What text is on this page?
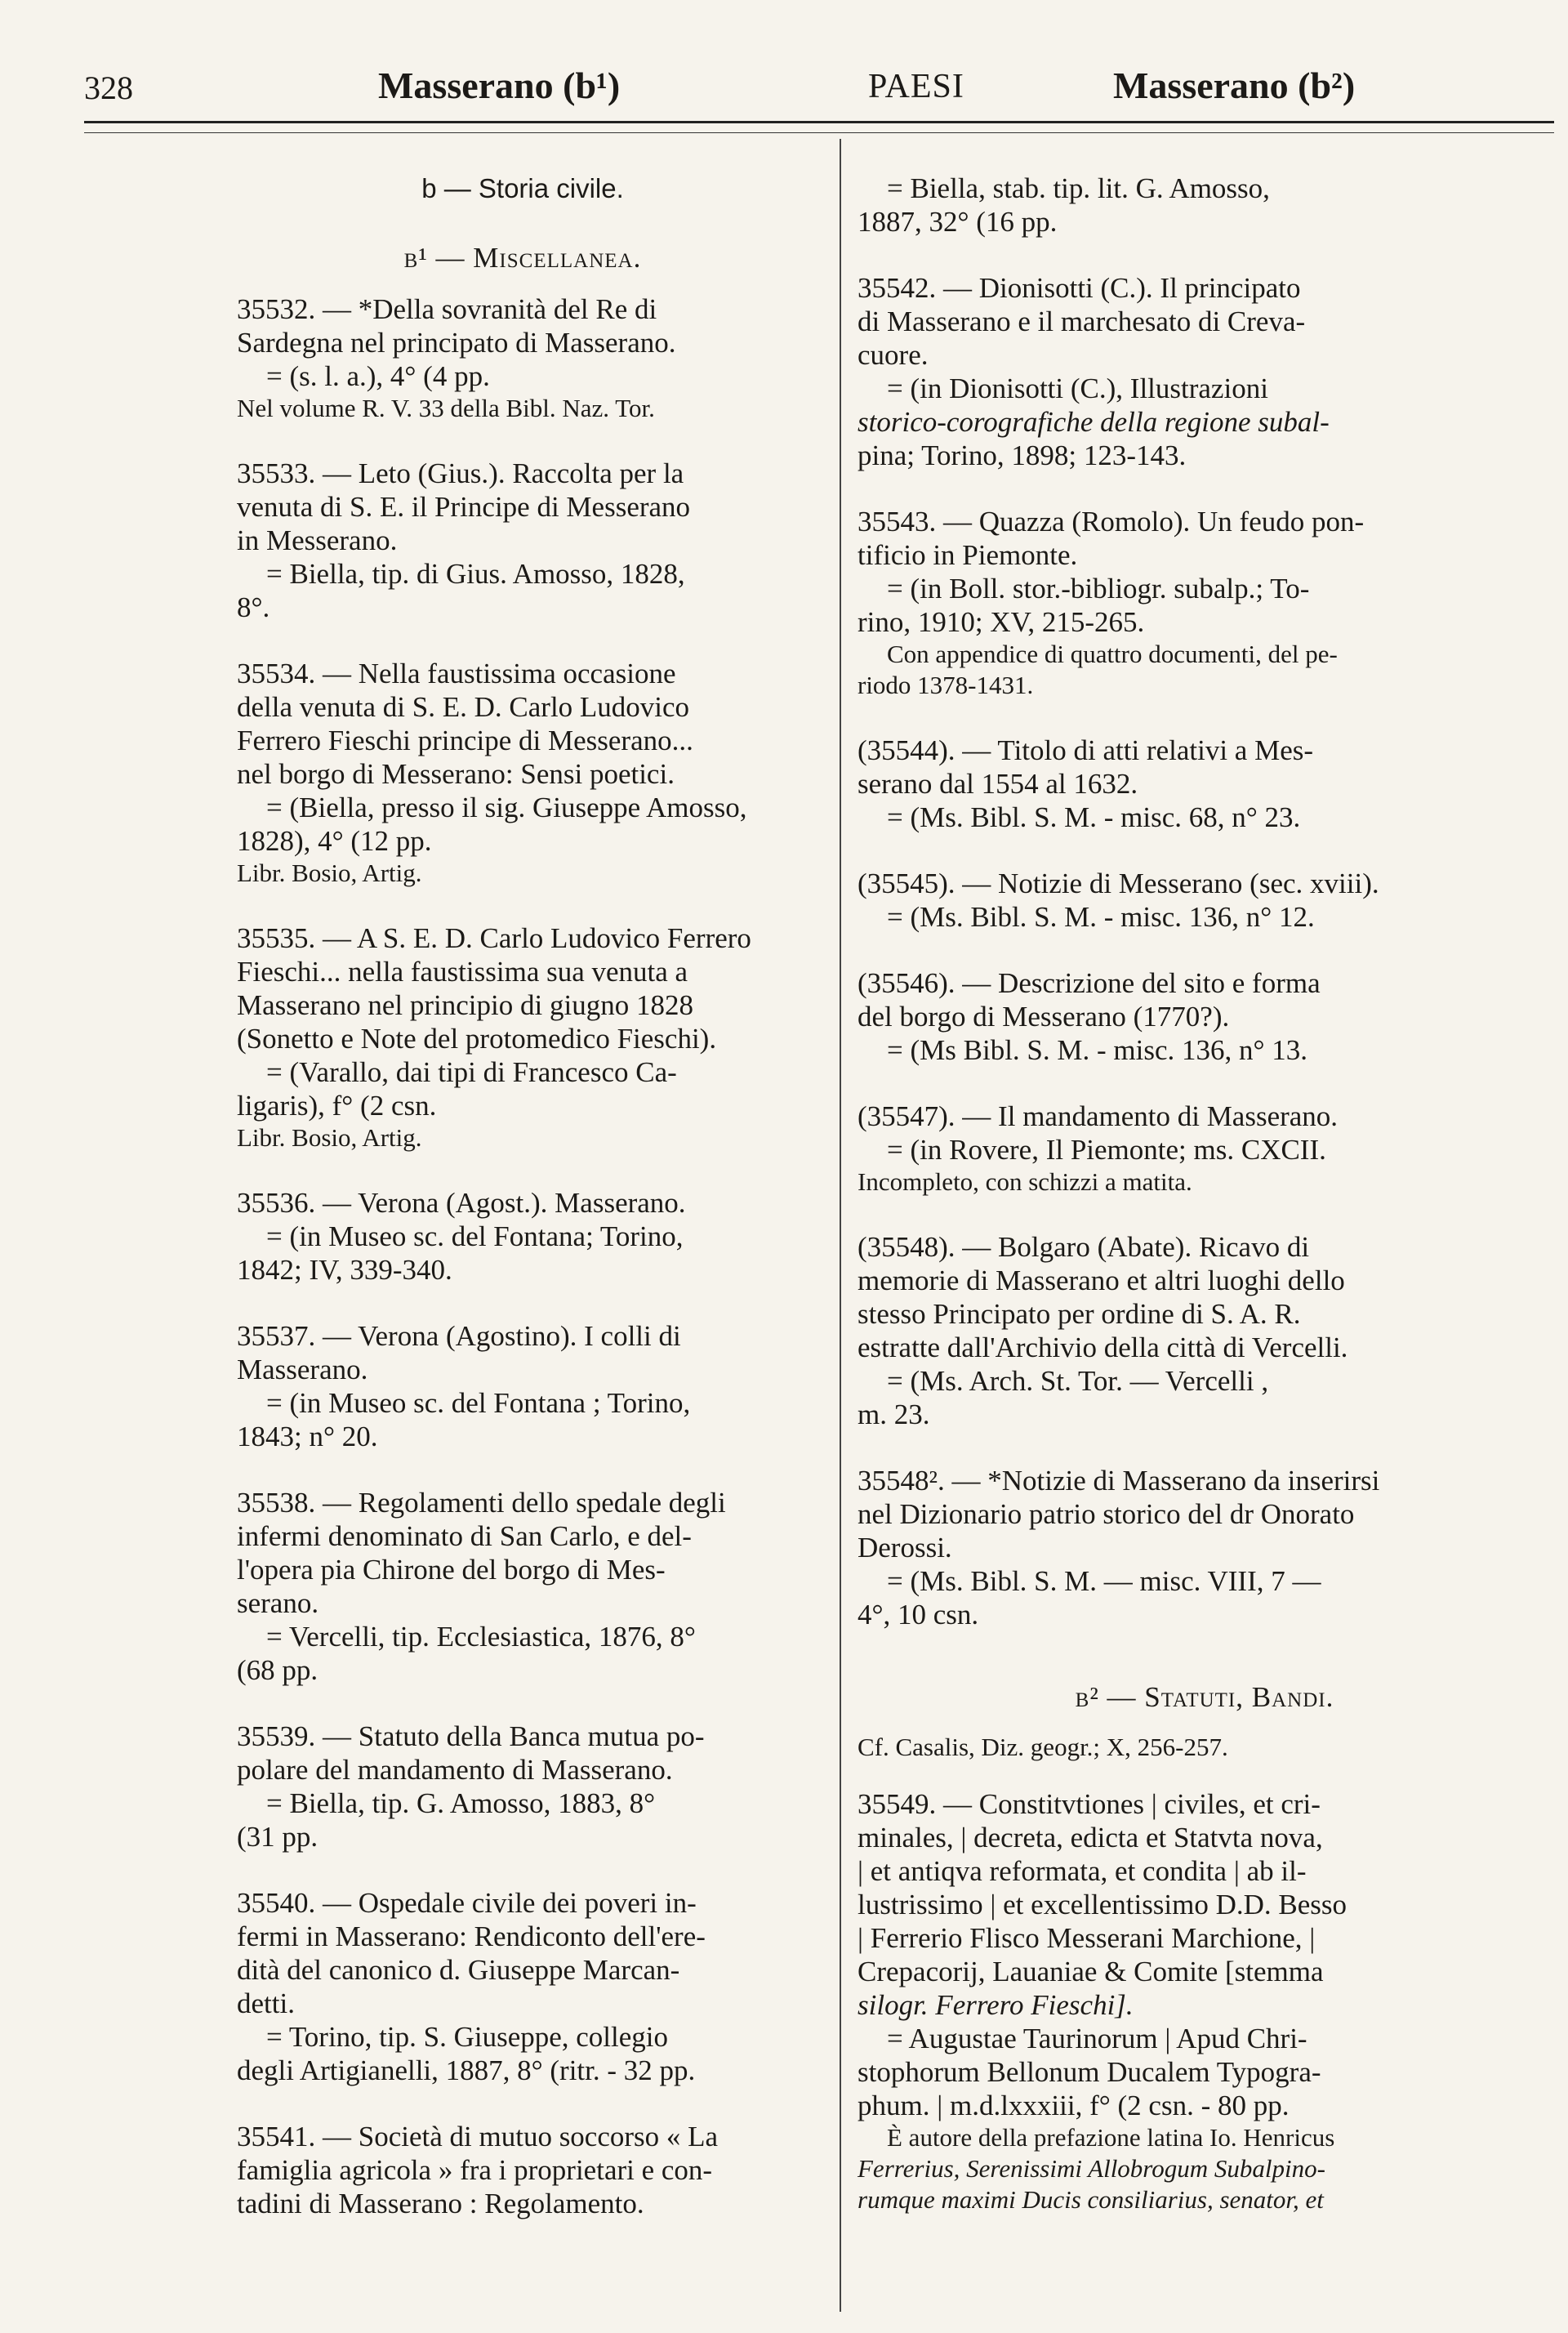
328	Masserano (b¹)	PAESI	Masserano (b²)

b — Storia civile.

b¹ — Miscellanea.

35532. — *Della sovranità del Re di

Sardegna nel principato di Masserano.

= (s. l. a.), 4° (4 pp.

Nel volume R. V. 33 della Bibl. Naz. Tor.

35533. — Leto (Gius.). Raccolta per la

venuta di S. E. il Principe di Messerano

in Messerano.

= Biella, tip. di Gius. Amosso, 1828,

8°.

35534. — Nella faustissima occasione

della venuta di S. E. D. Carlo Ludovico

Ferrero Fieschi principe di Messerano...

nel borgo di Messerano: Sensi poetici.

= (Biella, presso il sig. Giuseppe Amosso,

1828), 4° (12 pp.

Libr. Bosio, Artig.

35535. — A S. E. D. Carlo Ludovico Ferrero

Fieschi... nella faustissima sua venuta a

Masserano nel principio di giugno 1828

(Sonetto e Note del protomedico Fieschi).

= (Varallo, dai tipi di Francesco Ca-

ligaris), f° (2 csn.

Libr. Bosio, Artig.

35536. — Verona (Agost.). Masserano.

= (in Museo sc. del Fontana; Torino,

1842; IV, 339-340.

35537. — Verona (Agostino). I colli di

Masserano.

= (in Museo sc. del Fontana ; Torino,

1843; n° 20.

35538. — Regolamenti dello spedale degli

infermi denominato di San Carlo, e del-

l'opera pia Chirone del borgo di Mes-

serano.

= Vercelli, tip. Ecclesiastica, 1876, 8°

(68 pp.

35539. — Statuto della Banca mutua po-

polare del mandamento di Masserano.

= Biella, tip. G. Amosso, 1883, 8°

(31 pp.

35540. — Ospedale civile dei poveri in-

fermi in Masserano: Rendiconto dell'ere-

dità del canonico d. Giuseppe Marcan-

detti.

= Torino, tip. S. Giuseppe, collegio

degli Artigianelli, 1887, 8° (ritr. - 32 pp.

35541. — Società di mutuo soccorso « La

famiglia agricola » fra i proprietari e con-

tadini di Masserano : Regolamento.

= Biella, stab. tip. lit. G. Amosso,

1887, 32° (16 pp.

35542. — Dionisotti (C.). Il principato

di Masserano e il marchesato di Creva-

cuore.

= (in Dionisotti (C.), Illustrazioni

storico-corografiche della regione subal-

pina; Torino, 1898; 123-143.

35543. — Quazza (Romolo). Un feudo pon-

tificio in Piemonte.

= (in Boll. stor.-bibliogr. subalp.; To-

rino, 1910; XV, 215-265.

Con appendice di quattro documenti, del pe-

riodo 1378-1431.

(35544). — Titolo di atti relativi a Mes-

serano dal 1554 al 1632.

= (Ms. Bibl. S. M. - misc. 68, n° 23.

(35545). — Notizie di Messerano (sec. xviii).

= (Ms. Bibl. S. M. - misc. 136, n° 12.

(35546). — Descrizione del sito e forma

del borgo di Messerano (1770?).

= (Ms Bibl. S. M. - misc. 136, n° 13.

(35547). — Il mandamento di Masserano.

= (in Rovere, Il Piemonte; ms. CXCII.

Incompleto, con schizzi a matita.

(35548). — Bolgaro (Abate). Ricavo di

memorie di Masserano et altri luoghi dello

stesso Principato per ordine di S. A. R.

estratte dall'Archivio della città di Vercelli.

= (Ms. Arch. St. Tor. — Vercelli ,

m. 23.

35548². — *Notizie di Masserano da inserirsi

nel Dizionario patrio storico del dr Onorato

Derossi.

= (Ms. Bibl. S. M. — misc. VIII, 7 —

4°, 10 csn.

b² — Statuti, Bandi.

Cf. Casalis, Diz. geogr.; X, 256-257.

35549. — Constitvtiones | civiles, et cri-

minales, | decreta, edicta et Statvta nova,

| et antiqva reformata, et condita | ab il-

lustrissimo | et excellentissimo D.D. Besso

| Ferrerio Flisco Messerani Marchione, |

Crepacorij, Lauaniae & Comite [stemma

silogr. Ferrero Fieschi].

= Augustae Taurinorum | Apud Chri-

stophorum Bellonum Ducalem Typogra-

phum. | m.d.lxxxiii, f° (2 csn. - 80 pp.

È autore della prefazione latina Io. Henricus

Ferrerius, Serenissimi Allobrogum Subalpino-

rumque maximi Ducis consiliarius, senator, et
